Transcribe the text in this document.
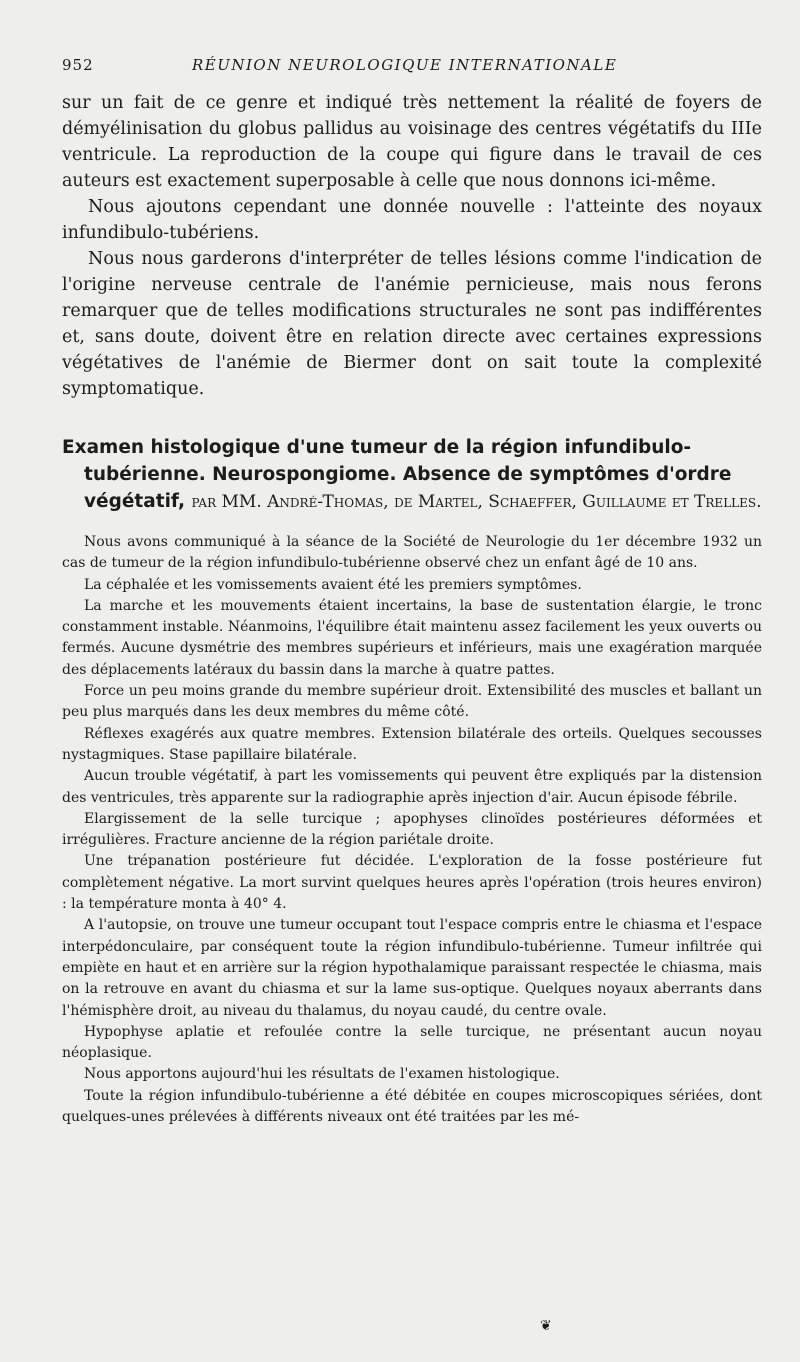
952	RÉUNION NEUROLOGIQUE INTERNATIONALE

sur un fait de ce genre et indiqué très nettement la réalité de foyers de démyélinisation du globus pallidus au voisinage des centres végétatifs du IIIe ventricule. La reproduction de la coupe qui figure dans le travail de ces auteurs est exactement superposable à celle que nous donnons ici-même.

Nous ajoutons cependant une donnée nouvelle : l'atteinte des noyaux infundibulo-tubériens.

Nous nous garderons d'interpréter de telles lésions comme l'indication de l'origine nerveuse centrale de l'anémie pernicieuse, mais nous ferons remarquer que de telles modifications structurales ne sont pas indifférentes et, sans doute, doivent être en relation directe avec certaines expressions végétatives de l'anémie de Biermer dont on sait toute la complexité symptomatique.

Examen histologique d'une tumeur de la région infundibulo-tubérienne. Neurospongiome. Absence de symptômes d'ordre végétatif, par MM. André-Thomas, de Martel, Schaeffer, Guillaume et Trelles.

Nous avons communiqué à la séance de la Société de Neurologie du 1er décembre 1932 un cas de tumeur de la région infundibulo-tubérienne observé chez un enfant âgé de 10 ans.

La céphalée et les vomissements avaient été les premiers symptômes.

La marche et les mouvements étaient incertains, la base de sustentation élargie, le tronc constamment instable. Néanmoins, l'équilibre était maintenu assez facilement les yeux ouverts ou fermés. Aucune dysmétrie des membres supérieurs et inférieurs, mais une exagération marquée des déplacements latéraux du bassin dans la marche à quatre pattes.

Force un peu moins grande du membre supérieur droit. Extensibilité des muscles et ballant un peu plus marqués dans les deux membres du même côté.

Réflexes exagérés aux quatre membres. Extension bilatérale des orteils. Quelques secousses nystagmiques. Stase papillaire bilatérale.

Aucun trouble végétatif, à part les vomissements qui peuvent être expliqués par la distension des ventricules, très apparente sur la radiographie après injection d'air. Aucun épisode fébrile.

Elargissement de la selle turcique ; apophyses clinoïdes postérieures déformées et irrégulières. Fracture ancienne de la région pariétale droite.

Une trépanation postérieure fut décidée. L'exploration de la fosse postérieure fut complètement négative. La mort survint quelques heures après l'opération (trois heures environ) : la température monta à 40° 4.

A l'autopsie, on trouve une tumeur occupant tout l'espace compris entre le chiasma et l'espace interpédonculaire, par conséquent toute la région infundibulo-tubérienne. Tumeur infiltrée qui empiète en haut et en arrière sur la région hypothalamique paraissant respectée le chiasma, mais on la retrouve en avant du chiasma et sur la lame sus-optique. Quelques noyaux aberrants dans l'hémisphère droit, au niveau du thalamus, du noyau caudé, du centre ovale.

Hypophyse aplatie et refoulée contre la selle turcique, ne présentant aucun noyau néoplasique.

Nous apportons aujourd'hui les résultats de l'examen histologique.

Toute la région infundibulo-tubérienne a été débitée en coupes microscopiques sériées, dont quelques-unes prélevées à différents niveaux ont été traitées par les mé-

❦
